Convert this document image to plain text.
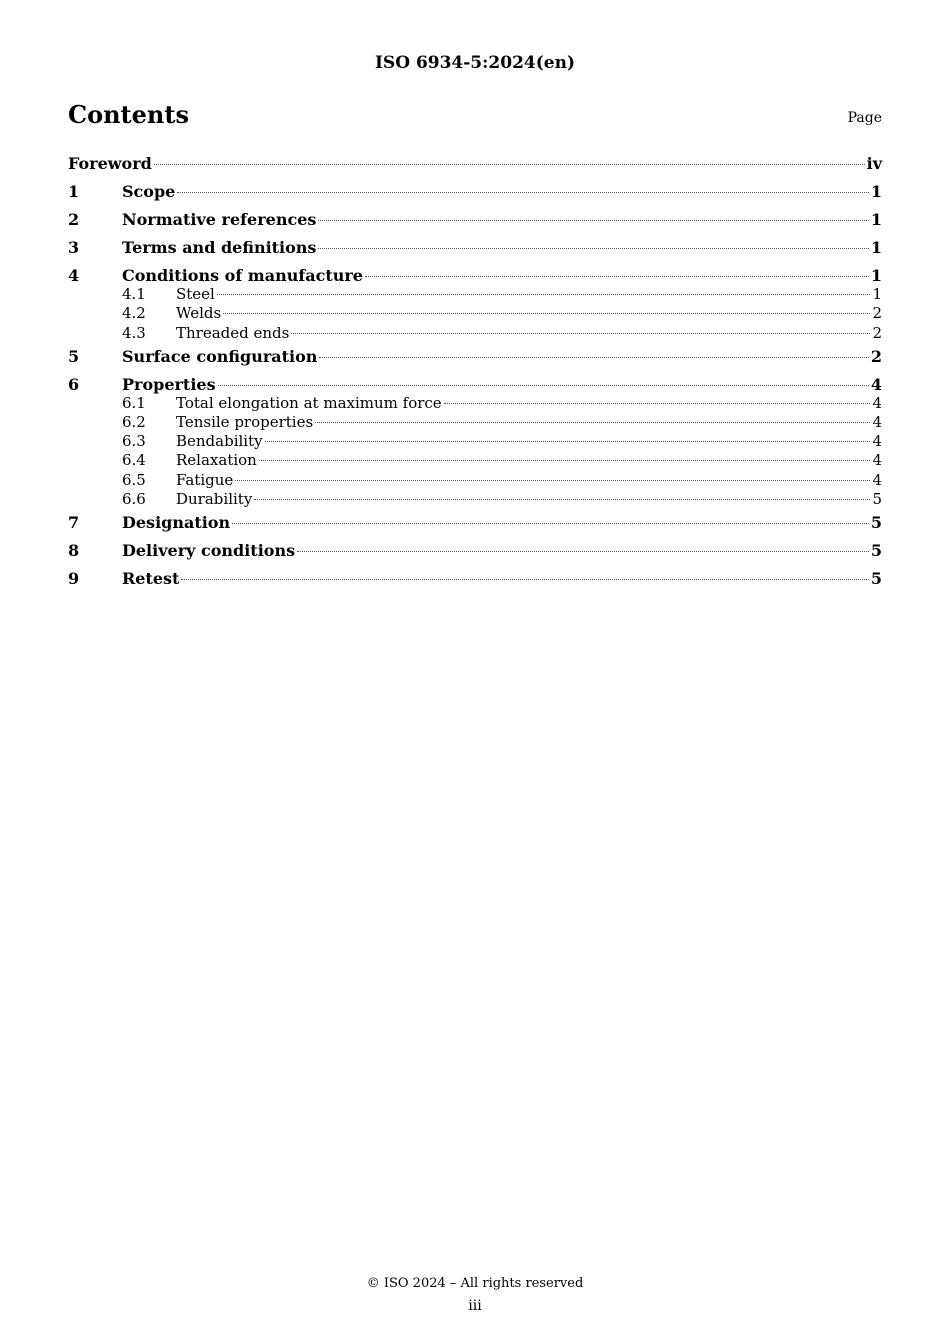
ISO 6934-5:2024(en)
Contents	Page
Foreword	iv
1	Scope	1
2	Normative references	1
3	Terms and definitions	1
4	Conditions of manufacture	1
4.1	Steel	1
4.2	Welds	2
4.3	Threaded ends	2
5	Surface configuration	2
6	Properties	4
6.1	Total elongation at maximum force	4
6.2	Tensile properties	4
6.3	Bendability	4
6.4	Relaxation	4
6.5	Fatigue	4
6.6	Durability	5
7	Designation	5
8	Delivery conditions	5
9	Retest	5
© ISO 2024 – All rights reserved
iii
